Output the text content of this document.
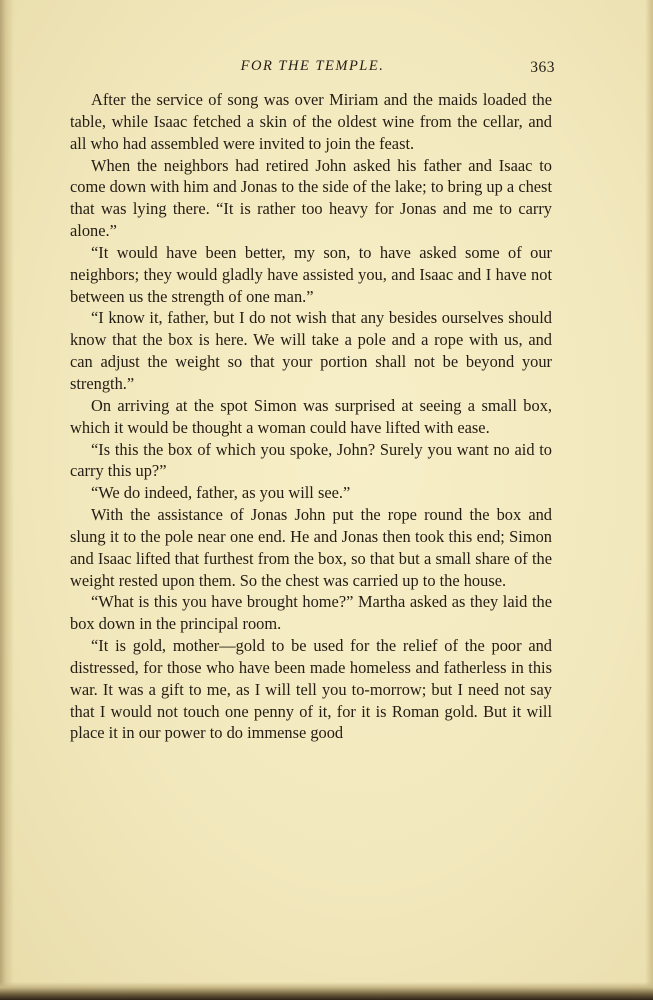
FOR THE TEMPLE.	363

After the service of song was over Miriam and the maids loaded the table, while Isaac fetched a skin of the oldest wine from the cellar, and all who had assembled were invited to join the feast.

When the neighbors had retired John asked his father and Isaac to come down with him and Jonas to the side of the lake; to bring up a chest that was lying there. “It is rather too heavy for Jonas and me to carry alone.”

“It would have been better, my son, to have asked some of our neighbors; they would gladly have assisted you, and Isaac and I have not between us the strength of one man.”

“I know it, father, but I do not wish that any besides ourselves should know that the box is here. We will take a pole and a rope with us, and can adjust the weight so that your portion shall not be beyond your strength.”

On arriving at the spot Simon was surprised at seeing a small box, which it would be thought a woman could have lifted with ease.

“Is this the box of which you spoke, John? Surely you want no aid to carry this up?”

“We do indeed, father, as you will see.”

With the assistance of Jonas John put the rope round the box and slung it to the pole near one end. He and Jonas then took this end; Simon and Isaac lifted that furthest from the box, so that but a small share of the weight rested upon them. So the chest was carried up to the house.

“What is this you have brought home?” Martha asked as they laid the box down in the principal room.

“It is gold, mother—gold to be used for the relief of the poor and distressed, for those who have been made homeless and fatherless in this war. It was a gift to me, as I will tell you to-morrow; but I need not say that I would not touch one penny of it, for it is Roman gold. But it will place it in our power to do immense good
